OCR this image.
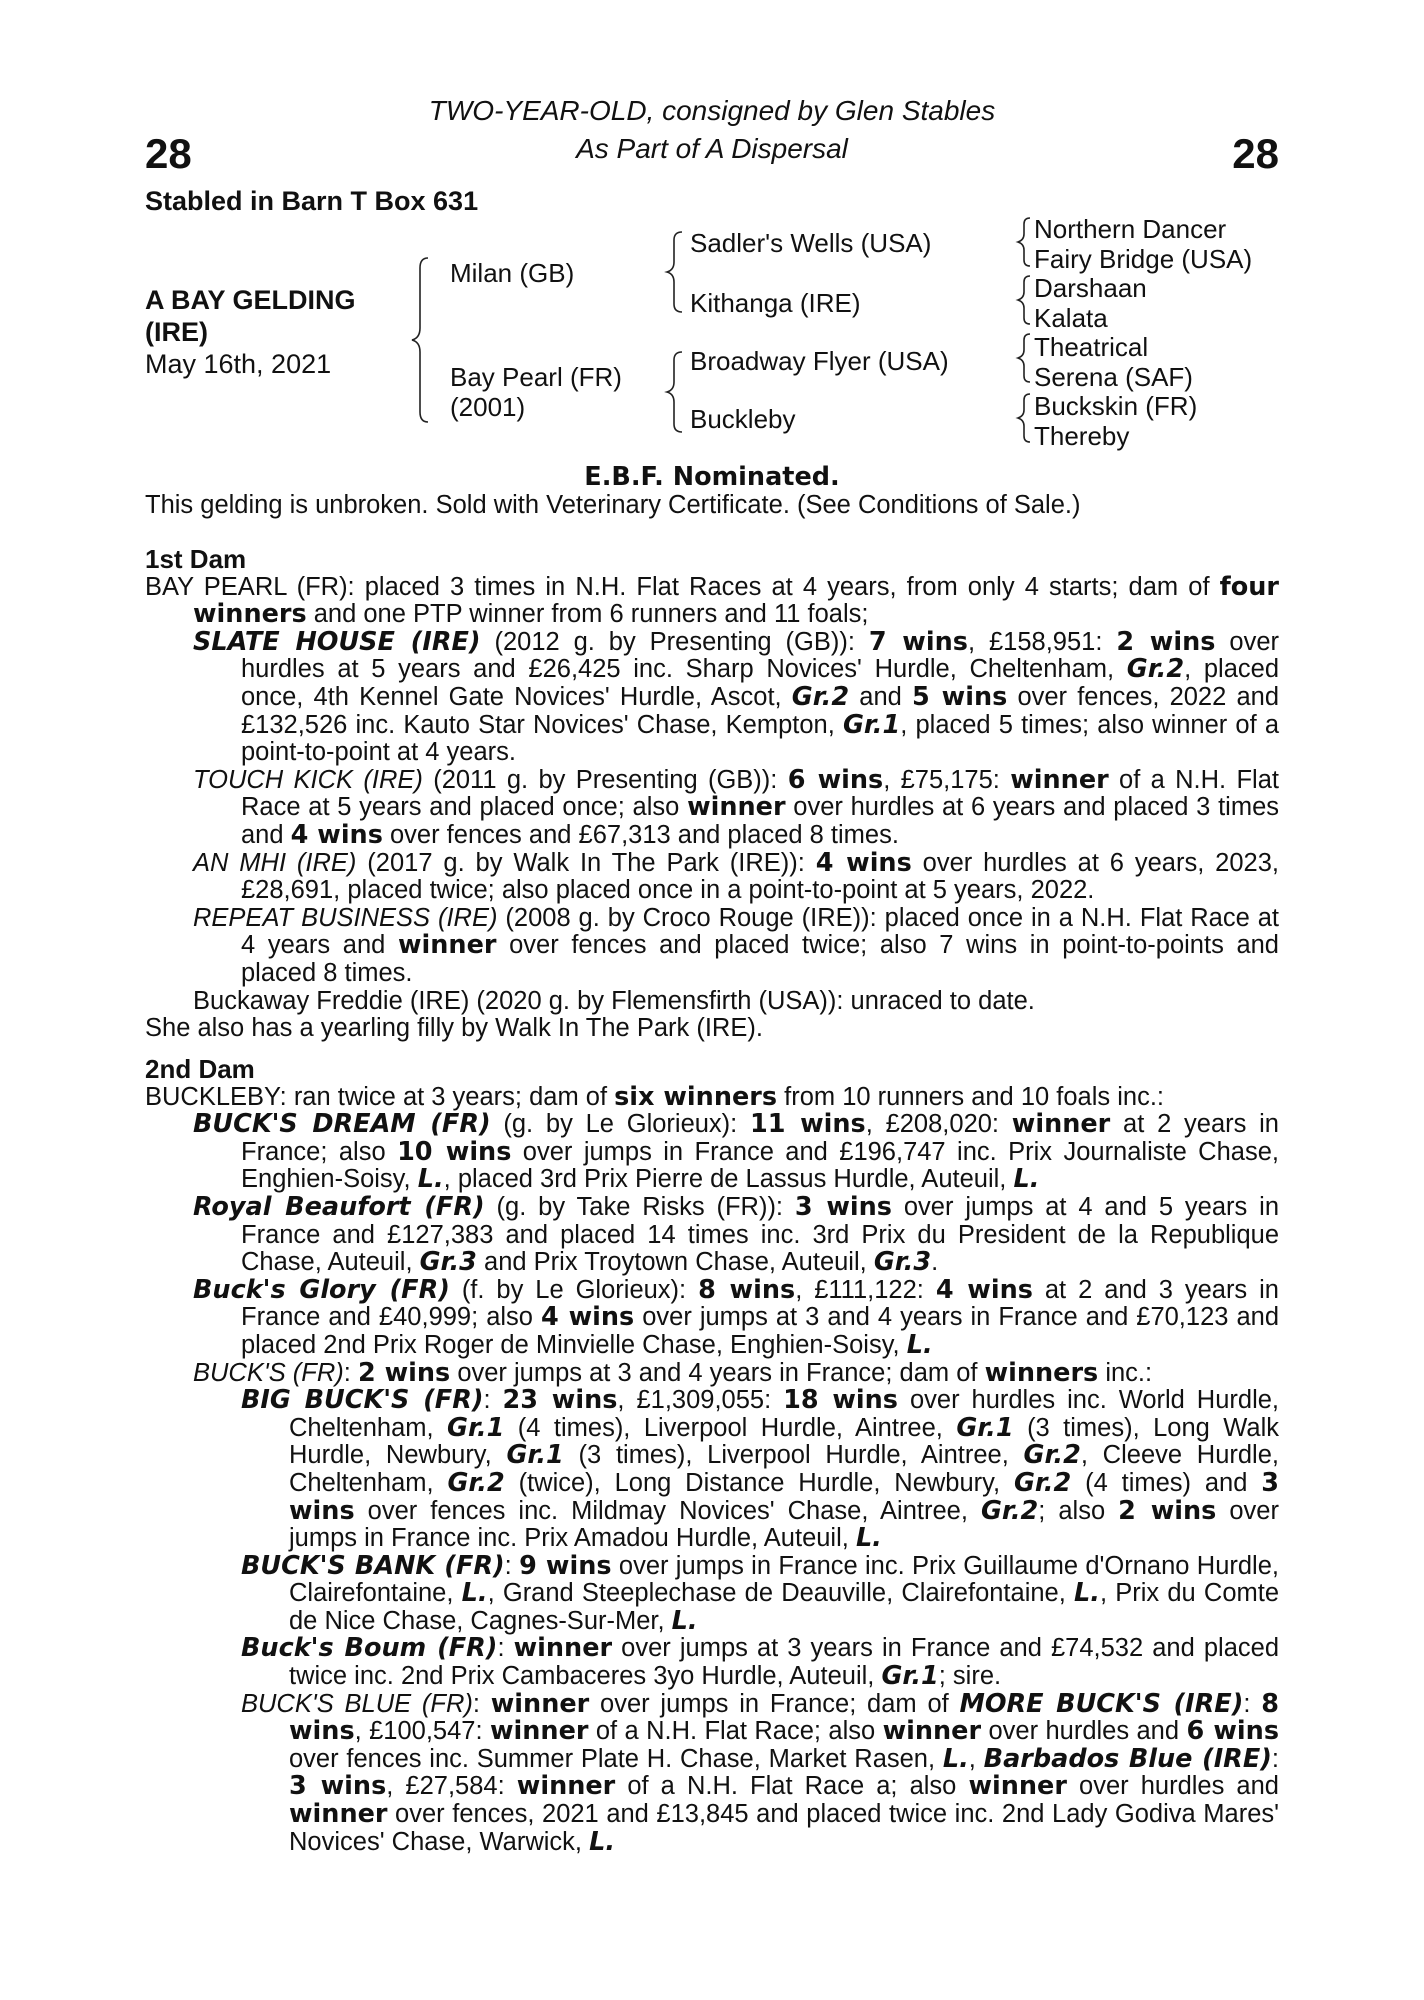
28	28
TWO-YEAR-OLD, consigned by Glen Stables
As Part of A Dispersal
Stabled in Barn T Box 631
A BAY GELDING
(IRE)
May 16th, 2021
Milan (GB)
Bay Pearl (FR)
(2001)
Sadler's Wells (USA)
Kithanga (IRE)
Broadway Flyer (USA)
Buckleby
Northern Dancer
Fairy Bridge (USA)
Darshaan
Kalata
Theatrical
Serena (SAF)
Buckskin (FR)
Thereby
E.B.F. Nominated.
This gelding is unbroken. Sold with Veterinary Certificate. (See Conditions of Sale.)
1st Dam
BAY PEARL (FR): placed 3 times in N.H. Flat Races at 4 years, from only 4 starts; dam of four winners and one PTP winner from 6 runners and 11 foals;
SLATE HOUSE (IRE) (2012 g. by Presenting (GB)): 7 wins, £158,951: 2 wins over hurdles at 5 years and £26,425 inc. Sharp Novices' Hurdle, Cheltenham, Gr.2, placed once, 4th Kennel Gate Novices' Hurdle, Ascot, Gr.2 and 5 wins over fences, 2022 and £132,526 inc. Kauto Star Novices' Chase, Kempton, Gr.1, placed 5 times; also winner of a point-to-point at 4 years.
TOUCH KICK (IRE) (2011 g. by Presenting (GB)): 6 wins, £75,175: winner of a N.H. Flat Race at 5 years and placed once; also winner over hurdles at 6 years and placed 3 times and 4 wins over fences and £67,313 and placed 8 times.
AN MHI (IRE) (2017 g. by Walk In The Park (IRE)): 4 wins over hurdles at 6 years, 2023, £28,691, placed twice; also placed once in a point-to-point at 5 years, 2022.
REPEAT BUSINESS (IRE) (2008 g. by Croco Rouge (IRE)): placed once in a N.H. Flat Race at 4 years and winner over fences and placed twice; also 7 wins in point-to-points and placed 8 times.
Buckaway Freddie (IRE) (2020 g. by Flemensfirth (USA)): unraced to date.
She also has a yearling filly by Walk In The Park (IRE).
2nd Dam
BUCKLEBY: ran twice at 3 years; dam of six winners from 10 runners and 10 foals inc.:
BUCK'S DREAM (FR) (g. by Le Glorieux): 11 wins, £208,020: winner at 2 years in France; also 10 wins over jumps in France and £196,747 inc. Prix Journaliste Chase, Enghien-Soisy, L., placed 3rd Prix Pierre de Lassus Hurdle, Auteuil, L.
Royal Beaufort (FR) (g. by Take Risks (FR)): 3 wins over jumps at 4 and 5 years in France and £127,383 and placed 14 times inc. 3rd Prix du President de la Republique Chase, Auteuil, Gr.3 and Prix Troytown Chase, Auteuil, Gr.3.
Buck's Glory (FR) (f. by Le Glorieux): 8 wins, £111,122: 4 wins at 2 and 3 years in France and £40,999; also 4 wins over jumps at 3 and 4 years in France and £70,123 and placed 2nd Prix Roger de Minvielle Chase, Enghien-Soisy, L.
BUCK'S (FR): 2 wins over jumps at 3 and 4 years in France; dam of winners inc.:
BIG BUCK'S (FR): 23 wins, £1,309,055: 18 wins over hurdles inc. World Hurdle, Cheltenham, Gr.1 (4 times), Liverpool Hurdle, Aintree, Gr.1 (3 times), Long Walk Hurdle, Newbury, Gr.1 (3 times), Liverpool Hurdle, Aintree, Gr.2, Cleeve Hurdle, Cheltenham, Gr.2 (twice), Long Distance Hurdle, Newbury, Gr.2 (4 times) and 3 wins over fences inc. Mildmay Novices' Chase, Aintree, Gr.2; also 2 wins over jumps in France inc. Prix Amadou Hurdle, Auteuil, L.
BUCK'S BANK (FR): 9 wins over jumps in France inc. Prix Guillaume d'Ornano Hurdle, Clairefontaine, L., Grand Steeplechase de Deauville, Clairefontaine, L., Prix du Comte de Nice Chase, Cagnes-Sur-Mer, L.
Buck's Boum (FR): winner over jumps at 3 years in France and £74,532 and placed twice inc. 2nd Prix Cambaceres 3yo Hurdle, Auteuil, Gr.1; sire.
BUCK'S BLUE (FR): winner over jumps in France; dam of MORE BUCK'S (IRE): 8 wins, £100,547: winner of a N.H. Flat Race; also winner over hurdles and 6 wins over fences inc. Summer Plate H. Chase, Market Rasen, L., Barbados Blue (IRE): 3 wins, £27,584: winner of a N.H. Flat Race a; also winner over hurdles and winner over fences, 2021 and £13,845 and placed twice inc. 2nd Lady Godiva Mares' Novices' Chase, Warwick, L.
